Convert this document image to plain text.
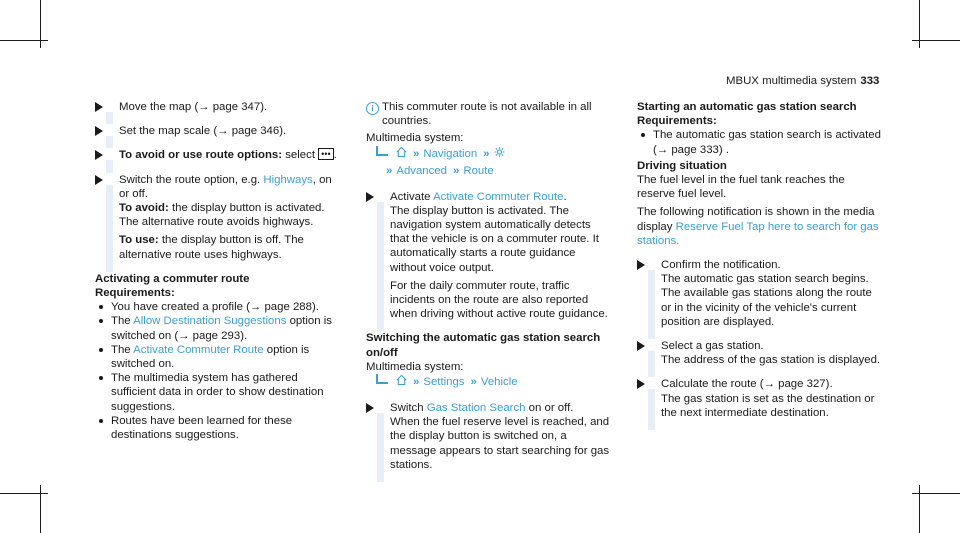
MBUX multimedia system 333

Move the map (→ page 347).

Set the map scale (→ page 346).

To avoid or use route options: select ••• .

Switch the route option, e.g. Highways, on or off.

To avoid: the display button is activated. The alternative route avoids highways.

To use: the display button is off. The alternative route uses highways.

Activating a commuter route

Requirements:

You have created a profile (→ page 288).
The Allow Destination Suggestions option is switched on (→ page 293).
The Activate Commuter Route option is switched on.
The multimedia system has gathered sufficient data in order to show destination suggestions.
Routes have been learned for these destinations suggestions.
i This commuter route is not available in all countries.

Multimedia system:

» Navigation »
» Advanced » Route

Activate Activate Commuter Route.

The display button is activated. The navigation system automatically detects that the vehicle is on a commuter route. It automatically starts a route guidance without voice output.

For the daily commuter route, traffic incidents on the route are also reported when driving without active route guidance.

Switching the automatic gas station search on/off

Multimedia system:

» Settings » Vehicle

Switch Gas Station Search on or off.

When the fuel reserve level is reached, and the display button is switched on, a message appears to start searching for gas stations.

Starting an automatic gas station search

Requirements:

The automatic gas station search is activated (→ page 333) .

Driving situation

The fuel level in the fuel tank reaches the reserve fuel level.

The following notification is shown in the media display Reserve Fuel Tap here to search for gas stations.

Confirm the notification.

The automatic gas station search begins. The available gas stations along the route or in the vicinity of the vehicle's current position are displayed.

Select a gas station.

The address of the gas station is displayed.

Calculate the route (→ page 327).

The gas station is set as the destination or the next intermediate destination.
